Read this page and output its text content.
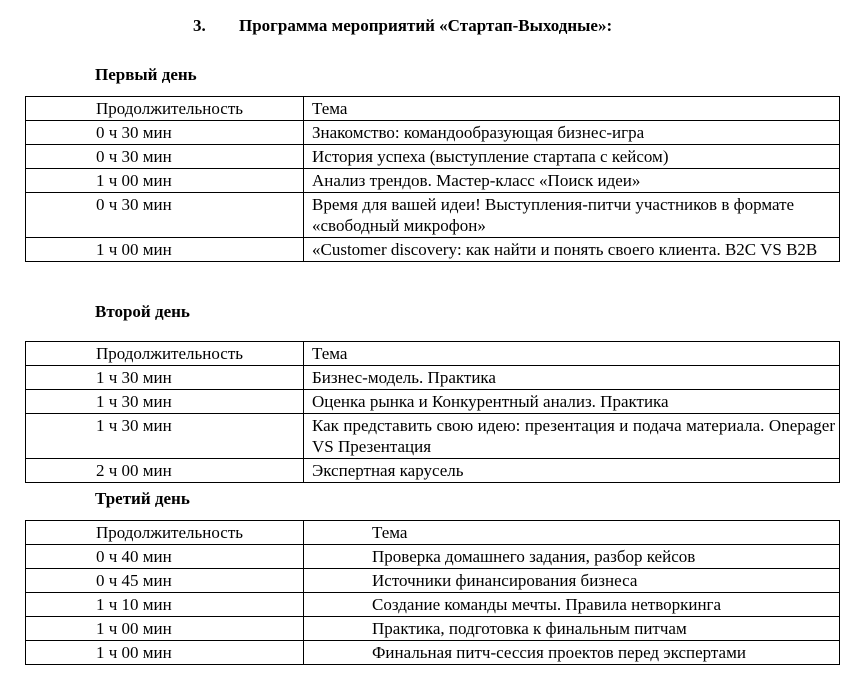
3. Программа мероприятий «Стартап-Выходные»:
Первый день
Продолжительность	Тема
0 ч 30 мин	Знакомство: командообразующая бизнес-игра
0 ч 30 мин	История успеха (выступление стартапа с кейсом)
1 ч 00 мин	Анализ трендов. Мастер-класс «Поиск идеи»
0 ч 30 мин	Время для вашей идеи! Выступления-питчи участников в формате «свободный микрофон»
1 ч 00 мин	«Customer discovery: как найти и понять своего клиента. B2C VS B2B
Второй день
Продолжительность	Тема
1 ч 30 мин	Бизнес-модель. Практика
1 ч 30 мин	Оценка рынка и Конкурентный анализ. Практика
1 ч 30 мин	Как представить свою идею: презентация и подача материала. Onepager VS Презентация
2 ч 00 мин	Экспертная карусель
Третий день
Продолжительность	Тема
0 ч 40 мин	Проверка домашнего задания, разбор кейсов
0 ч 45 мин	Источники финансирования бизнеса
1 ч 10 мин	Создание команды мечты. Правила нетворкинга
1 ч 00 мин	Практика, подготовка к финальным питчам
1 ч 00 мин	Финальная питч-сессия проектов перед экспертами
